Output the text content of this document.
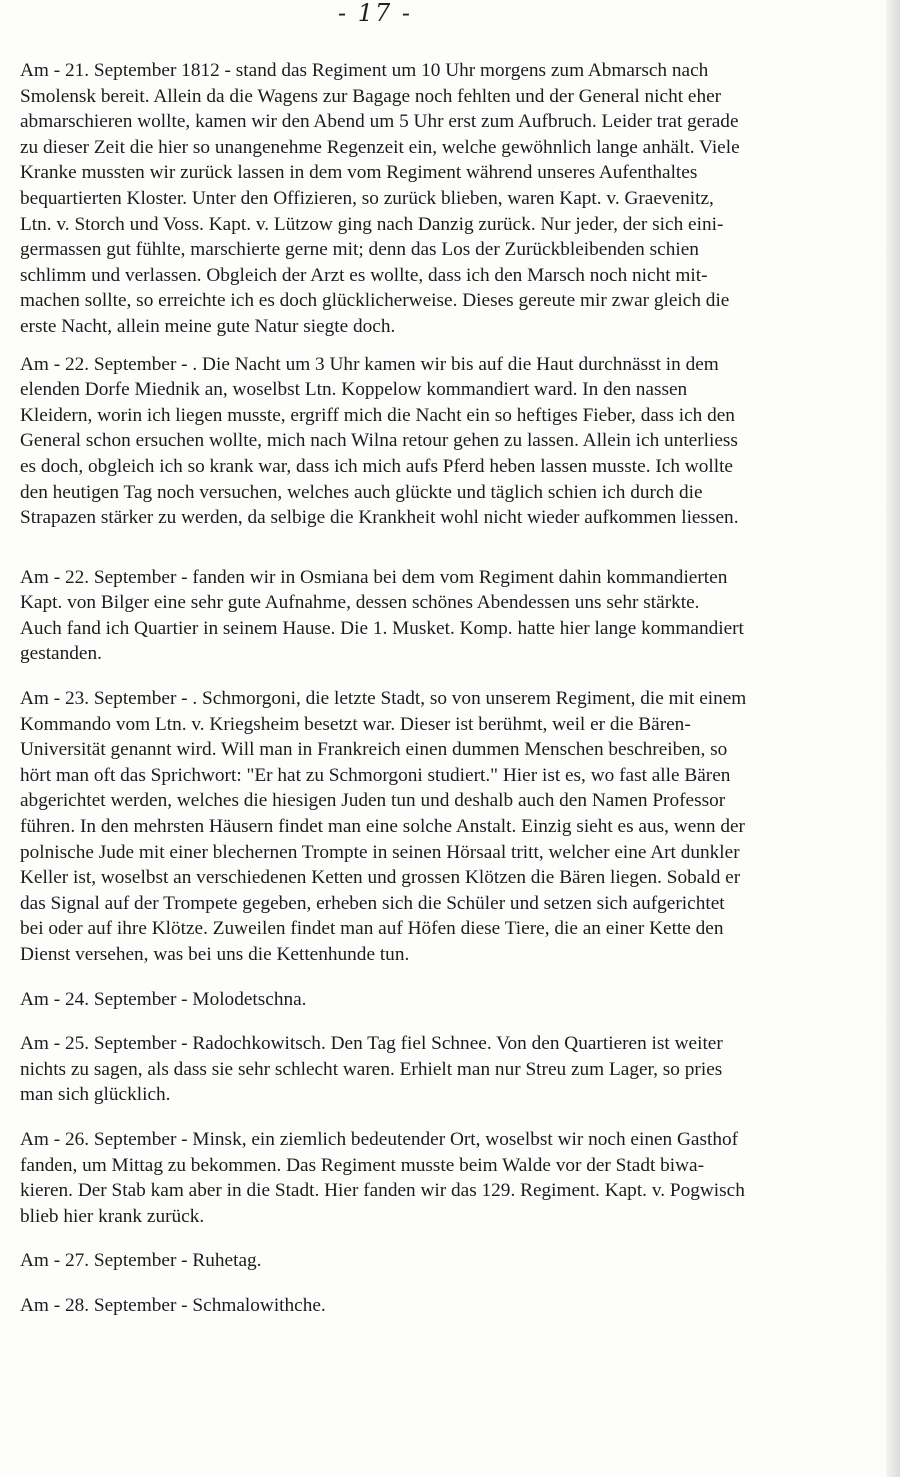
- 17 -

Am - 21. September 1812 - stand das Regiment um 10 Uhr morgens zum Abmarsch nach
Smolensk bereit. Allein da die Wagens zur Bagage noch fehlten und der General nicht eher
abmarschieren wollte, kamen wir den Abend um 5 Uhr erst zum Aufbruch. Leider trat gerade
zu dieser Zeit die hier so unangenehme Regenzeit ein, welche gewöhnlich lange anhält. Viele
Kranke mussten wir zurück lassen in dem vom Regiment während unseres Aufenthaltes
bequartierten Kloster. Unter den Offizieren, so zurück blieben, waren Kapt. v. Graevenitz,
Ltn. v. Storch und Voss. Kapt. v. Lützow ging nach Danzig zurück. Nur jeder, der sich eini-
germassen gut fühlte, marschierte gerne mit; denn das Los der Zurückbleibenden schien
schlimm und verlassen. Obgleich der Arzt es wollte, dass ich den Marsch noch nicht mit-
machen sollte, so erreichte ich es doch glücklicherweise. Dieses gereute mir zwar gleich die
erste Nacht, allein meine gute Natur siegte doch.

Am - 22. September - . Die Nacht um 3 Uhr kamen wir bis auf die Haut durchnässt in dem
elenden Dorfe Miednik an, woselbst Ltn. Koppelow kommandiert ward. In den nassen
Kleidern, worin ich liegen musste, ergriff mich die Nacht ein so heftiges Fieber, dass ich den
General schon ersuchen wollte, mich nach Wilna retour gehen zu lassen. Allein ich unterliess
es doch, obgleich ich so krank war, dass ich mich aufs Pferd heben lassen musste. Ich wollte
den heutigen Tag noch versuchen, welches auch glückte und täglich schien ich durch die
Strapazen stärker zu werden, da selbige die Krankheit wohl nicht wieder aufkommen liessen.

Am - 22. September - fanden wir in Osmiana bei dem vom Regiment dahin kommandierten
Kapt. von Bilger eine sehr gute Aufnahme, dessen schönes Abendessen uns sehr stärkte.
Auch fand ich Quartier in seinem Hause. Die 1. Musket. Komp. hatte hier lange kommandiert
gestanden.

Am - 23. September - . Schmorgoni, die letzte Stadt, so von unserem Regiment, die mit einem
Kommando vom Ltn. v. Kriegsheim besetzt war. Dieser ist berühmt, weil er die Bären-
Universität genannt wird. Will man in Frankreich einen dummen Menschen beschreiben, so
hört man oft das Sprichwort: "Er hat zu Schmorgoni studiert." Hier ist es, wo fast alle Bären
abgerichtet werden, welches die hiesigen Juden tun und deshalb auch den Namen Professor
führen. In den mehrsten Häusern findet man eine solche Anstalt. Einzig sieht es aus, wenn der
polnische Jude mit einer blechernen Trompte in seinen Hörsaal tritt, welcher eine Art dunkler
Keller ist, woselbst an verschiedenen Ketten und grossen Klötzen die Bären liegen. Sobald er
das Signal auf der Trompete gegeben, erheben sich die Schüler und setzen sich aufgerichtet
bei oder auf ihre Klötze. Zuweilen findet man auf Höfen diese Tiere, die an einer Kette den
Dienst versehen, was bei uns die Kettenhunde tun.

Am - 24. September - Molodetschna.

Am - 25. September - Radochkowitsch. Den Tag fiel Schnee. Von den Quartieren ist weiter
nichts zu sagen, als dass sie sehr schlecht waren. Erhielt man nur Streu zum Lager, so pries
man sich glücklich.

Am - 26. September - Minsk, ein ziemlich bedeutender Ort, woselbst wir noch einen Gasthof
fanden, um Mittag zu bekommen. Das Regiment musste beim Walde vor der Stadt biwa-
kieren. Der Stab kam aber in die Stadt. Hier fanden wir das 129. Regiment. Kapt. v. Pogwisch
blieb hier krank zurück.

Am - 27. September - Ruhetag.

Am - 28. September - Schmalowithche.
